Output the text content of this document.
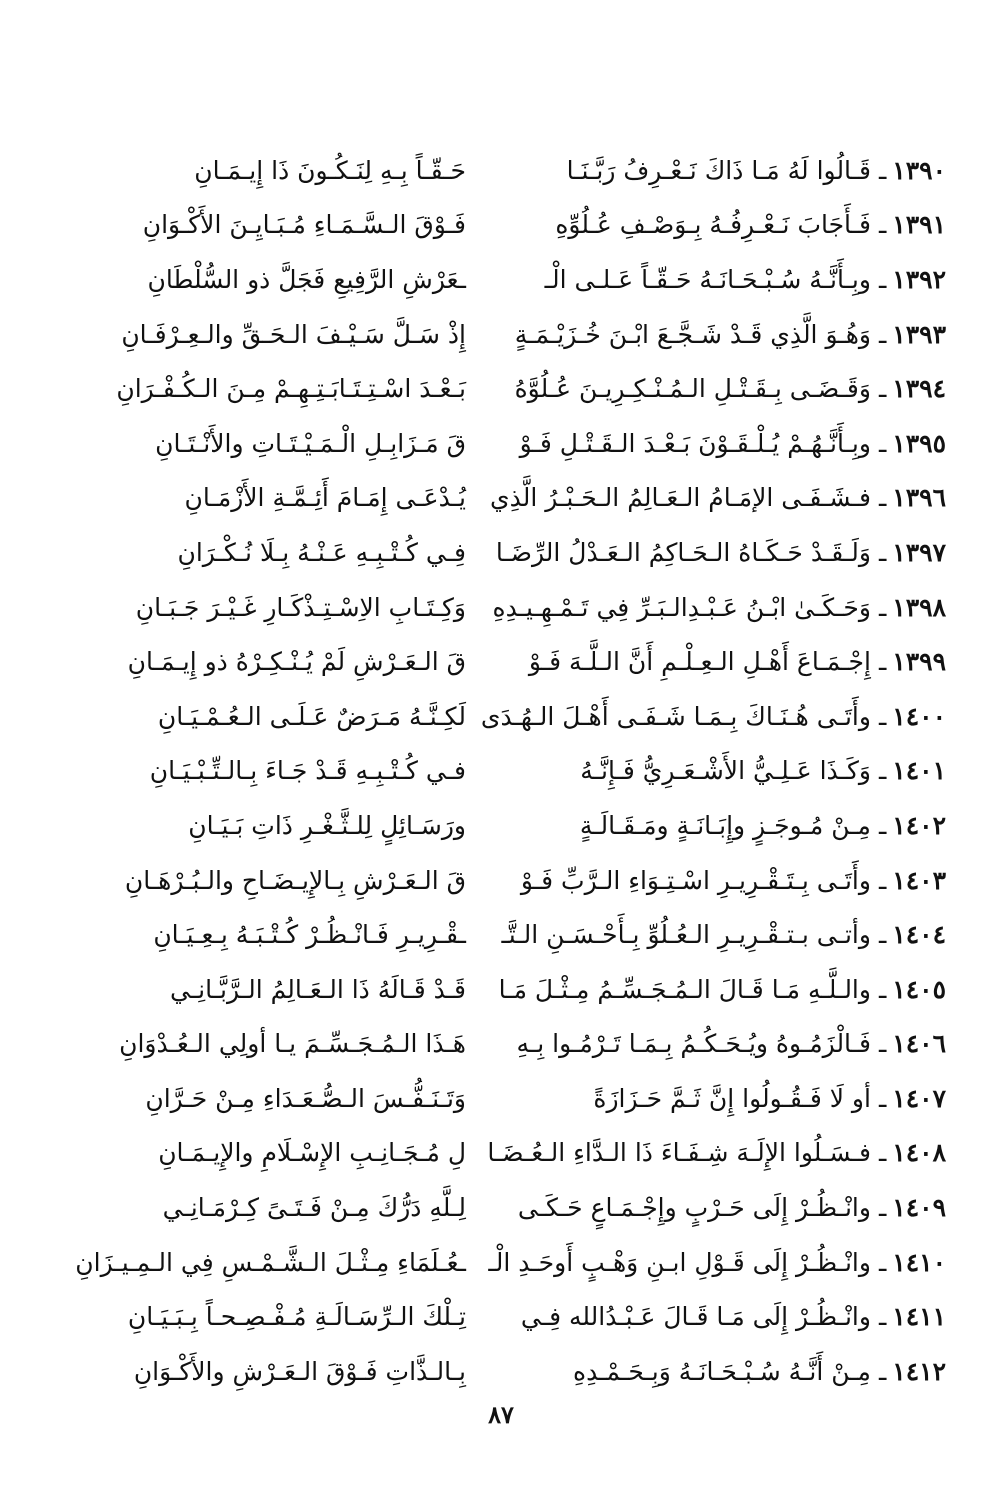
١٣٩٠
ـ
قَـالُوا لَهُ مَـا ذَاكَ نَـعْـرِفُ رَبَّـنَـا
حَـقّـاً بِـهِ لِنَـكُـونَ ذَا إِيـمَـانِ
١٣٩١
ـ
فَـأَجَابَ نَـعْـرِفُـهُ بِـوَصْـفِ عُـلُوِّهِ
فَـوْقَ الـسَّـمَـاءِ مُـبَـايِـنَ الأَكْـوَانِ
١٣٩٢
ـ
وبِـأَنَّـهُ سُـبْـحَـانَـهُ حَـقّـاً عَـلـى الْـ
ـعَرْشِ الرَّفِيعِ فَجَلَّ ذو السُّلْطَانِ
١٣٩٣
ـ
وَهُـوَ الَّذِي قَـدْ شَـجَّـعَ ابْـنَ خُـزَيْـمَـةٍ
إِذْ سَـلَّ سَـيْـفَ الـحَـقِّ والـعِـرْفَـانِ
١٣٩٤
ـ
وَقَـضَـى بِـقَـتْـلِ الـمُـنْـكِـرِيـنَ عُـلُوَّهُ
بَـعْـدَ اسْـتِـتَـابَـتِـهِـمْ مِـنَ الـكُـفْـرَانِ
١٣٩٥
ـ
وبِـأَنَّـهُـمْ يُـلْـقَـوْنَ بَـعْـدَ الـقَـتْـلِ فَـوْ
قَ مَـزَابِـلِ الْـمَـيْـتَـاتِ والأَنْـتَـانِ
١٣٩٦
ـ
فـشَـفَـى الإمَـامُ الـعَـالِمُ الـحَـبْـرُ الَّذِي
يُـدْعَـى إِمَـامَ أَئِـمَّـةِ الأَزْمَـانِ
١٣٩٧
ـ
وَلَـقَـدْ حَـكَـاهُ الـحَـاكِمُ الـعَـدْلُ الرِّضَـا
فِـي كُـتْـبِـهِ عَـنْـهُ بِـلَا نُـكْـرَانِ
١٣٩٨
ـ
وَحَـكَـىٰ ابْـنُ عَـبْـدِالـبَـرِّ فِي تَـمْـهِـيـدِهِ
وَكِـتَـابِ الاِسْـتِـذْكَـارِ غَـيْـرَ جَـبَـانِ
١٣٩٩
ـ
إِجْـمَـاعَ أَهْـلِ الـعِـلْـمِ أَنَّ الـلَّـهَ فَـوْ
قَ الـعَـرْشِ لَمْ يُـنْـكِـرْهُ ذو إِيـمَـانِ
١٤٠٠
ـ
وأَتَـى هُـنَـاكَ بِـمَـا شَـفَـى أَهْـلَ الـهُـدَى
لَكِـنَّـهُ مَـرَضٌ عَـلَـى الـعُـمْـيَـانِ
١٤٠١
ـ
وَكَـذَا عَـلِـيُّ الأَشْـعَـرِيُّ فَـإِنَّـهُ
فـي كُـتْـبِـهِ قَـدْ جَـاءَ بِـالـتِّـبْـيَـانِ
١٤٠٢
ـ
مِـنْ مُـوجَـزٍ وإِبَـانَـةٍ ومَـقَـالَـةٍ
ورَسَـائِلٍ لِلـثَّـغْـرِ ذَاتِ بَـيَـانِ
١٤٠٣
ـ
وأَتَـى بِـتَـقْـرِيـرِ اسْـتِـوَاءِ الـرَّبِّ فَـوْ
قَ الـعَـرْشِ بِـالإِيـضَـاحِ والـبُـرْهَـانِ
١٤٠٤
ـ
وأتـى بـتـقْـرِيـرِ الـعُـلُوِّ بِـأَحْـسَـنِ الـتَّـ
ـقْـرِيـرِ فَـانْـظُـرْ كُـتْـبَـهُ بِـعِـيَـانِ
١٤٠٥
ـ
والـلَّـهِ مَـا قَـالَ الـمُـجَـسِّـمُ مِـثْـلَ مَـا
قَـدْ قَـالَهُ ذَا الـعَـالِمُ الـرَّبَّـانِـي
١٤٠٦
ـ
فَـالْزَمُـوهُ ويُـحَـكُـمُ بِـمَـا تَـرْمُـوا بِـهِ
هَـذَا الـمُـجَـسِّـمَ يـا أولِي الـعُـدْوَانِ
١٤٠٧
ـ
أو لَا فَـقُـولُوا إِنَّ ثَـمَّ حَـزَازَةً
وَتَـنَـفُّـسَ الـصُّـعَـدَاءِ مِـنْ حَـرَّانِ
١٤٠٨
ـ
فـسَـلُوا الإِلَـهَ شِـفَـاءَ ذَا الـدَّاءِ الـعُـضَـا
لِ مُـجَـانِـبِ الإِسْـلَامِ والإِيـمَـانِ
١٤٠٩
ـ
وانْـظُـرْ إِلَى حَـرْبٍ وإِجْـمَـاعٍ حَـكَـى
لِـلَّهِ دَرُّكَ مِـنْ فَـتَـىً كِـرْمَـانِـي
١٤١٠
ـ
وانْـظُـرْ إِلَى قَـوْلِ ابـنِ وَهْـبٍ أَوحَـدِ الْـ
ـعُـلَمَاءِ مِـثْـلَ الـشَّـمْـسِ فِي الـمِـيـزَانِ
١٤١١
ـ
وانْـظُـرْ إِلَى مَـا قَـالَ عَـبْـدُالله فِـي
تِـلْكَ الـرِّسَـالَـةِ مُـفْـصِـحـاً بِـبَـيَـانِ
١٤١٢
ـ
مِـنْ أَنَّـهُ سُـبْـحَـانَـهُ وَبِـحَـمْـدِهِ
بِـالـذَّاتِ فَـوْقَ الـعَـرْشِ والأَكْـوَانِ
٨٧
